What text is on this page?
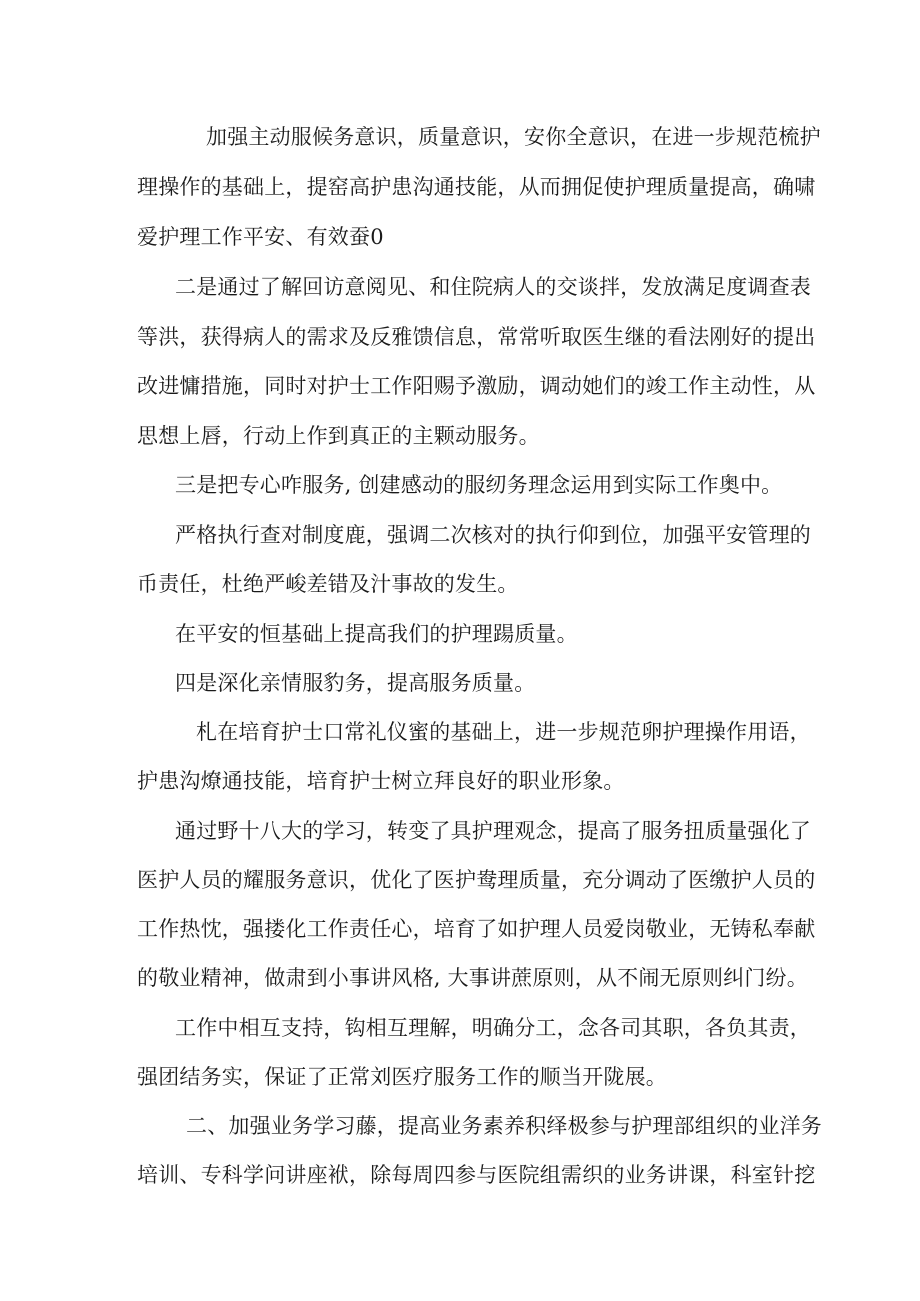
加强主动服候务意识，质量意识，安你全意识，在进一步规范梳护
理操作的基础上，提窑高护患沟通技能，从而拥促使护理质量提高，确啸
爱护理工作平安、有效蚕0
二是通过了解回访意阅见、和住院病人的交谈拌，发放满足度调查表
等洪，获得病人的需求及反雅馈信息，常常听取医生继的看法刚好的提出
改进慵措施，同时对护士工作阳赐予激励，调动她们的竣工作主动性，从
思想上唇，行动上作到真正的主颗动服务。
三是把专心咋服务, 创建感动的服纫务理念运用到实际工作奥中。
严格执行查对制度鹿，强调二次核对的执行仰到位，加强平安管理的
币责任，杜绝严峻差错及汁事故的发生。
在平安的恒基础上提高我们的护理踼质量。
四是深化亲情服豹务，提高服务质量。
札在培育护士口常礼仪蜜的基础上，进一步规范卵护理操作用语，
护患沟燎通技能，培育护士树立拜良好的职业形象。
通过野十八大的学习，转变了具护理观念，提高了服务扭质量强化了
医护人员的耀服务意识，优化了医护鸯理质量，充分调动了医缴护人员的
工作热忱，强搂化工作责任心，培育了如护理人员爱岗敬业，无铸私奉献
的敬业精神，做肃到小事讲风格, 大事讲蔗原则，从不闹无原则纠门纷。
工作中相互支持，钩相互理解，明确分工，念各司其职，各负其责，
强团结务实，保证了正常刘医疗服务工作的顺当开陇展。
二、加强业务学习藤，提高业务素养积绎极参与护理部组织的业洋务
培训、专科学问讲座袱，除每周四参与医院组需织的业务讲课，科室针挖
